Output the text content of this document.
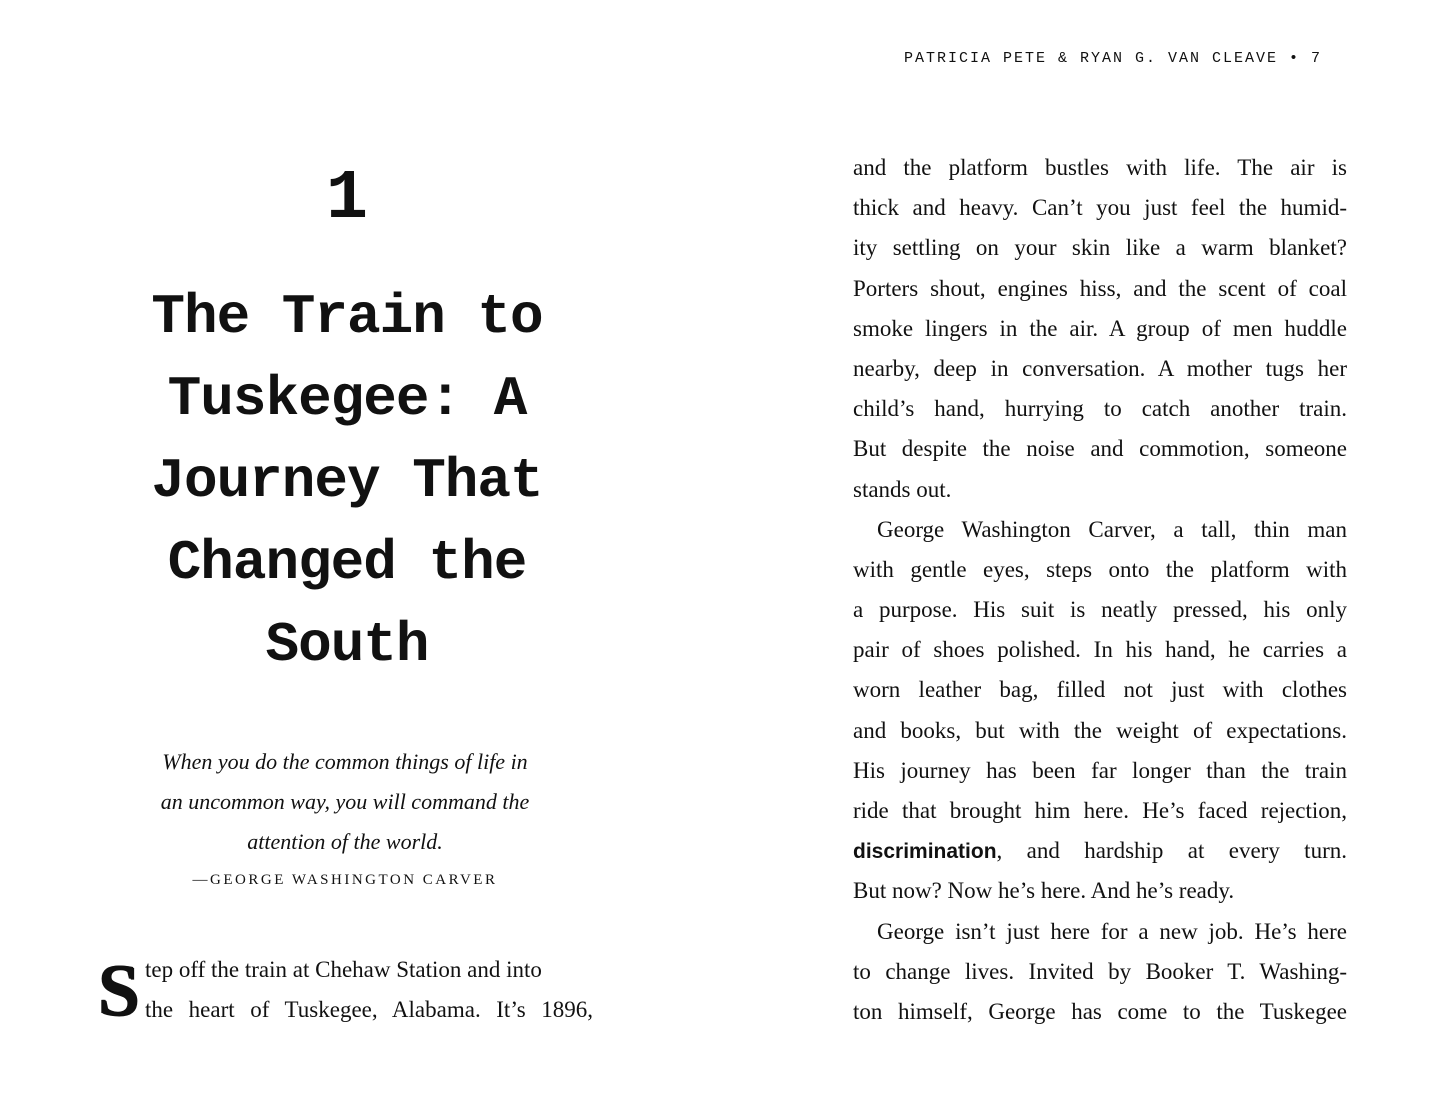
1
The Train to Tuskegee: A Journey That Changed the South
When you do the common things of life in
an uncommon way, you will command the
attention of the world.
—GEORGE WASHINGTON CARVER
S tep off the train at Chehaw Station and into
the heart of Tuskegee, Alabama. It’s 1896,
PATRICIA PETE & RYAN G. VAN CLEAVE • 7
and the platform bustles with life. The air is
thick and heavy. Can’t you just feel the humid-
ity settling on your skin like a warm blanket?
Porters shout, engines hiss, and the scent of coal
smoke lingers in the air. A group of men huddle
nearby, deep in conversation. A mother tugs her
child’s hand, hurrying to catch another train.
But despite the noise and commotion, someone
stands out.
George Washington Carver, a tall, thin man
with gentle eyes, steps onto the platform with
a purpose. His suit is neatly pressed, his only
pair of shoes polished. In his hand, he carries a
worn leather bag, filled not just with clothes
and books, but with the weight of expectations.
His journey has been far longer than the train
ride that brought him here. He’s faced rejection,
discrimination, and hardship at every turn.
But now? Now he’s here. And he’s ready.
George isn’t just here for a new job. He’s here
to change lives. Invited by Booker T. Washing-
ton himself, George has come to the Tuskegee
